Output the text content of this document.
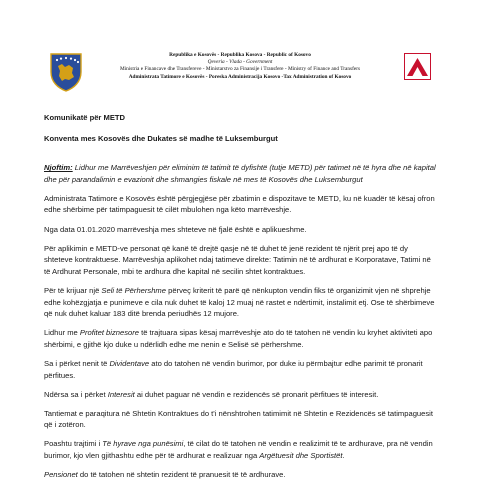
Republika e Kosovës - Republika Kosova - Republic of Kosovo
Qeveria - Vlada - Government
Ministria e Financave dhe Transfereve - Ministarstvo za Finansije i Transfere - Ministry of Finance and Transfers
Administrata Tatimore e Kosovës - Poreska Administracija Kosovo -Tax Administration of Kosovo

Komunikatë për METD

Konventa mes Kosovës dhe Dukates së madhe të Luksemburgut

Njoftim: Lidhur me Marrëveshjen për eliminim të tatimit të dyfishtë (tutje METD) për tatimet në të hyra dhe në kapital dhe për parandalimin e evazionit dhe shmangies fiskale në mes të Kosovës dhe Luksemburgut

Administrata Tatimore e Kosovës është përgjegjëse për zbatimin e dispozitave te METD, ku në kuadër të kësaj ofron edhe shërbime për tatimpaguesit të cilët mbulohen nga këto marrëveshje.

Nga data 01.01.2020 marrëveshja mes shteteve në fjalë është e aplikueshme.

Për aplikimin e METD-ve personat që kanë të drejtë qasje në të duhet të jenë rezident të njërit prej apo të dy shteteve kontraktuese. Marrëveshja aplikohet ndaj tatimeve direkte: Tatimin në të ardhurat e Korporatave, Tatimi në të Ardhurat Personale, mbi te ardhura dhe kapital në secilin shtet kontraktues.

Për të krijuar një Seli të Përhershme përveç kriterit të parë që nënkupton vendin fiks të organizimit vjen në shprehje edhe kohëzgjatja e punimeve e cila nuk duhet të kaloj 12 muaj në rastet e ndërtimit, instalimit etj. Ose të shërbimeve që nuk duhet kaluar 183 ditë brenda periudhës 12 mujore.

Lidhur me Profitet biznesore të trajtuara sipas kësaj marrëveshje ato do të tatohen në vendin ku kryhet aktiviteti apo shërbimi, e gjithë kjo duke u ndërlidh edhe me nenin e Selisë së përhershme.

Sa i përket nenit të Dividentave ato do tatohen në vendin burimor, por duke iu përmbajtur edhe parimit të pronarit përfitues.

Ndërsa sa i përket Interesit ai duhet paguar në vendin e rezidencës së pronarit përfitues të interesit.

Tantiemat e paraqitura në Shtetin Kontraktues do t'i nënshtrohen tatimimit në Shtetin e Rezidencës së tatimpaguesit që i zotëron.

Poashtu trajtimi i Të hyrave nga punësimi, të cilat do të tatohen në vendin e realizimit të te ardhurave, pra në vendin burimor, kjo vlen gjithashtu edhe për të ardhurat e realizuar nga Argëtuesit dhe Sportistët.

Pensionet do të tatohen në shtetin rezident të pranuesit të të ardhurave.
